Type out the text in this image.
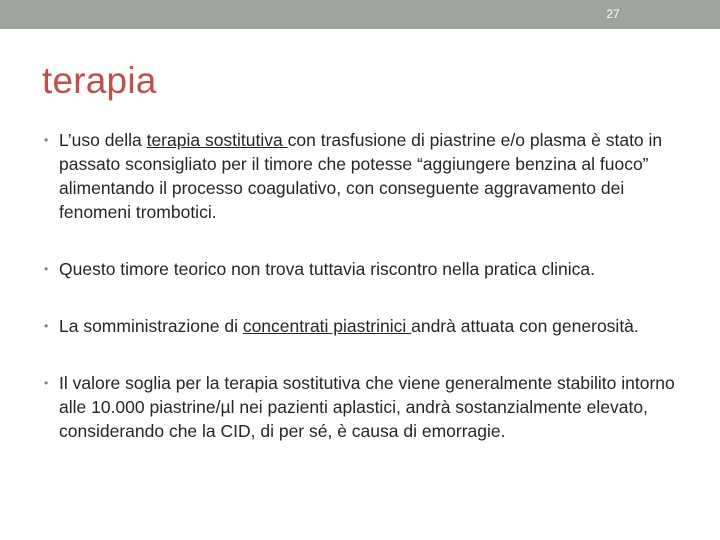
27
terapia
• L’uso della terapia sostitutiva con trasfusione di piastrine e/o plasma è stato in passato sconsigliato per il timore che potesse “aggiungere benzina al fuoco” alimentando il processo coagulativo, con conseguente aggravamento dei fenomeni trombotici.
• Questo timore teorico non trova tuttavia riscontro nella pratica clinica.
• La somministrazione di concentrati piastrinici andrà attuata con generosità.
• Il valore soglia per la terapia sostitutiva che viene generalmente stabilito intorno alle 10.000 piastrine/µl nei pazienti aplastici, andrà sostanzialmente elevato, considerando che la CID, di per sé, è causa di emorragie.
